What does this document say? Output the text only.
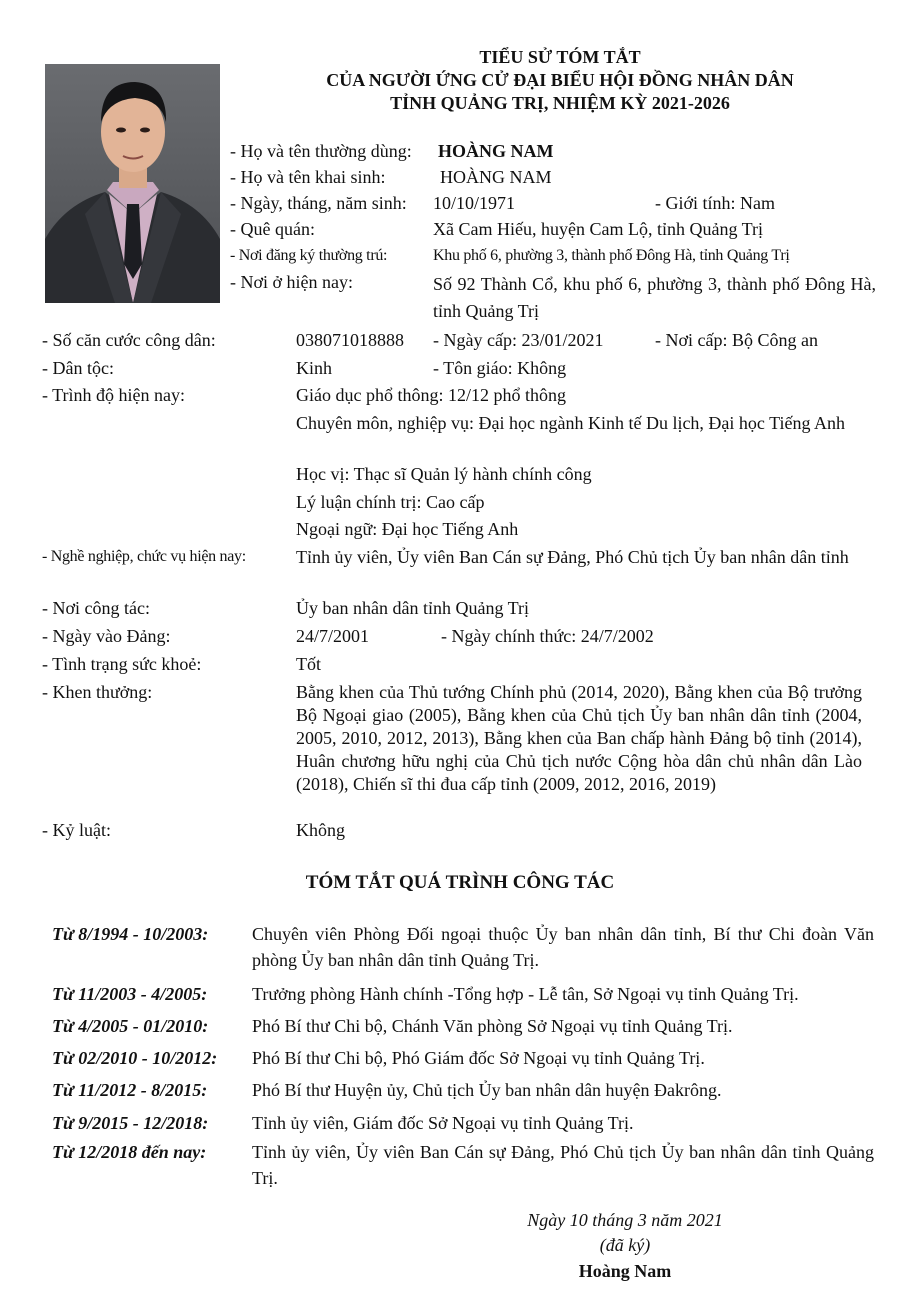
TIỂU SỬ TÓM TẮT
CỦA NGƯỜI ỨNG CỬ ĐẠI BIỂU HỘI ĐỒNG NHÂN DÂN
TỈNH QUẢNG TRỊ, NHIỆM KỲ 2021-2026
- Họ và tên thường dùng: HOÀNG NAM
- Họ và tên khai sinh:	HOÀNG NAM
- Ngày, tháng, năm sinh: 10/10/1971	- Giới tính: Nam
- Quê quán:	Xã Cam Hiếu, huyện Cam Lộ, tỉnh Quảng Trị
- Nơi đăng ký thường trú:	Khu phố 6, phường 3, thành phố Đông Hà, tỉnh Quảng Trị
- Nơi ở hiện nay:	Số 92 Thành Cổ, khu phố 6, phường 3, thành phố Đông Hà, tỉnh Quảng Trị
- Số căn cước công dân:	038071018888 - Ngày cấp: 23/01/2021	- Nơi cấp: Bộ Công an
- Dân tộc:	Kinh	- Tôn giáo: Không
- Trình độ hiện nay:	Giáo dục phổ thông: 12/12 phổ thông
Chuyên môn, nghiệp vụ: Đại học ngành Kinh tế Du lịch, Đại học Tiếng Anh
Học vị: Thạc sĩ Quản lý hành chính công
Lý luận chính trị: Cao cấp
Ngoại ngữ: Đại học Tiếng Anh
- Nghề nghiệp, chức vụ hiện nay:	Tỉnh ủy viên, Ủy viên Ban Cán sự Đảng, Phó Chủ tịch Ủy ban nhân dân tỉnh
- Nơi công tác:	Ủy ban nhân dân tỉnh Quảng Trị
- Ngày vào Đảng:	24/7/2001	- Ngày chính thức: 24/7/2002
- Tình trạng sức khoẻ:	Tốt
- Khen thưởng:	Bằng khen của Thủ tướng Chính phủ (2014, 2020), Bằng khen của Bộ trưởng Bộ Ngoại giao (2005), Bằng khen của Chủ tịch Ủy ban nhân dân tỉnh (2004, 2005, 2010, 2012, 2013), Bằng khen của Ban chấp hành Đảng bộ tỉnh (2014), Huân chương hữu nghị của Chủ tịch nước Cộng hòa dân chủ nhân dân Lào (2018), Chiến sĩ thi đua cấp tỉnh (2009, 2012, 2016, 2019)
- Kỷ luật:	Không
TÓM TẮT QUÁ TRÌNH CÔNG TÁC
Từ 8/1994 - 10/2003: Chuyên viên Phòng Đối ngoại thuộc Ủy ban nhân dân tỉnh, Bí thư Chi đoàn Văn phòng Ủy ban nhân dân tỉnh Quảng Trị.
Từ 11/2003 - 4/2005: Trưởng phòng Hành chính -Tổng hợp - Lễ tân, Sở Ngoại vụ tỉnh Quảng Trị.
Từ 4/2005 - 01/2010: Phó Bí thư Chi bộ, Chánh Văn phòng Sở Ngoại vụ tỉnh Quảng Trị.
Từ 02/2010 - 10/2012: Phó Bí thư Chi bộ, Phó Giám đốc Sở Ngoại vụ tỉnh Quảng Trị.
Từ 11/2012 - 8/2015: Phó Bí thư Huyện ủy, Chủ tịch Ủy ban nhân dân huyện Đakrông.
Từ 9/2015 - 12/2018: Tỉnh ủy viên, Giám đốc Sở Ngoại vụ tỉnh Quảng Trị.
Từ 12/2018 đến nay:	Tỉnh ủy viên, Ủy viên Ban Cán sự Đảng, Phó Chủ tịch Ủy ban nhân dân tỉnh Quảng Trị.
Ngày 10 tháng 3 năm 2021
(đã ký)
Hoàng Nam
